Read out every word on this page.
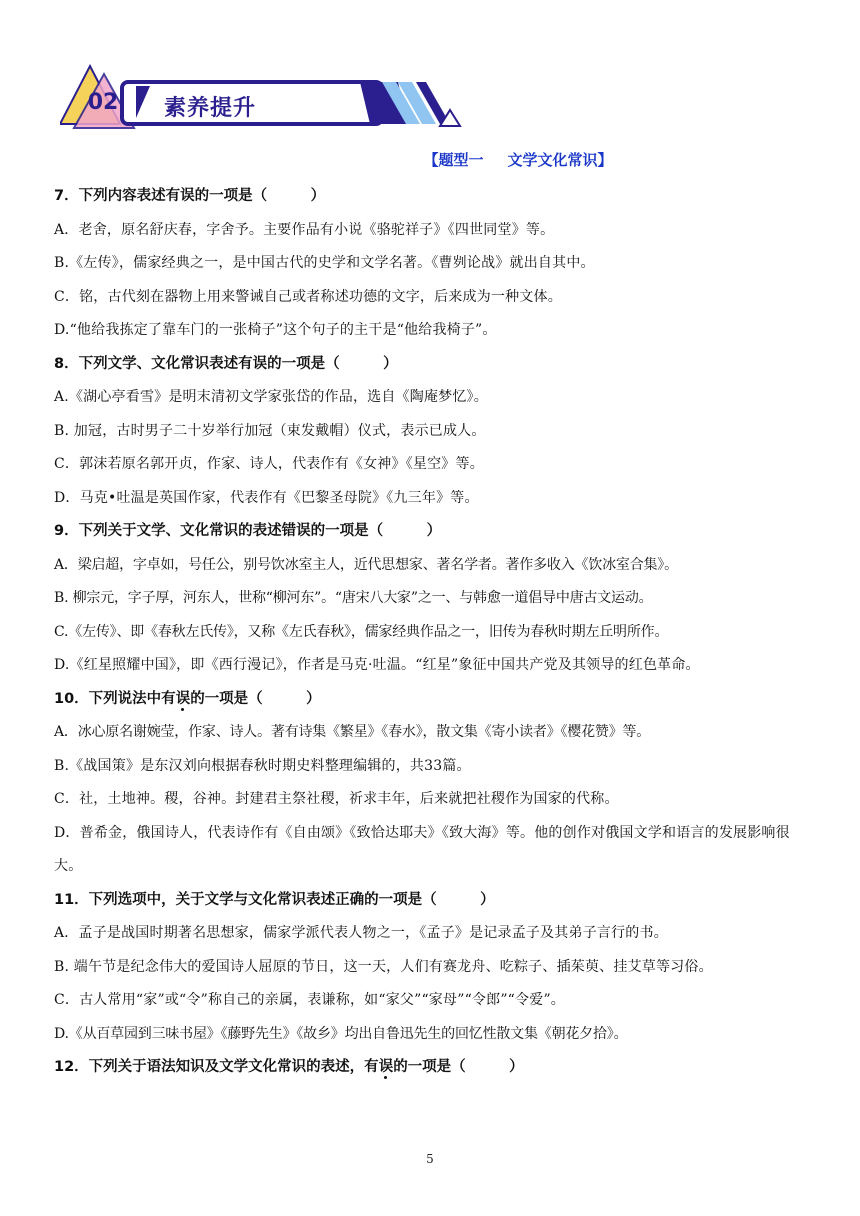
02	素养提升
【题型一 文学文化常识】
7．下列内容表述有误的一项是（　　　）
A．老舍，原名舒庆春，字舍予。主要作品有小说《骆驼祥子》《四世同堂》等。
B.《左传》，儒家经典之一，是中国古代的史学和文学名著。《曹刿论战》就出自其中。
C．铭，古代刻在器物上用来警诫自己或者称述功德的文字，后来成为一种文体。
D.“他给我拣定了靠车门的一张椅子”这个句子的主干是“他给我椅子”。
8．下列文学、文化常识表述有误的一项是（　　　）
A.《湖心亭看雪》是明末清初文学家张岱的作品，选自《陶庵梦忆》。
B. 加冠，古时男子二十岁举行加冠（束发戴帽）仪式，表示已成人。
C．郭沫若原名郭开贞，作家、诗人，代表作有《女神》《星空》等。
D．马克•吐温是英国作家，代表作有《巴黎圣母院》《九三年》等。
9．下列关于文学、文化常识的表述错误的一项是（　　　）
A．梁启超，字卓如，号任公，别号饮冰室主人，近代思想家、著名学者。著作多收入《饮冰室合集》。
B. 柳宗元，字子厚，河东人，世称“柳河东”。“唐宋八大家”之一、与韩愈一道倡导中唐古文运动。
C.《左传》、即《春秋左氏传》，又称《左氏春秋》，儒家经典作品之一，旧传为春秋时期左丘明所作。
D.《红星照耀中国》，即《西行漫记》，作者是马克·吐温。“红星”象征中国共产党及其领导的红色革命。
10．下列说法中有误的一项是（　　　）
A．冰心原名谢婉莹，作家、诗人。著有诗集《繁星》《春水》，散文集《寄小读者》《樱花赞》等。
B.《战国策》是东汉刘向根据春秋时期史料整理编辑的，共33篇。
C．社，土地神。稷，谷神。封建君主祭社稷，祈求丰年，后来就把社稷作为国家的代称。
D．普希金，俄国诗人，代表诗作有《自由颂》《致恰达耶夫》《致大海》等。他的创作对俄国文学和语言的发展影响很大。
11．下列选项中，关于文学与文化常识表述正确的一项是（　　　）
A．孟子是战国时期著名思想家，儒家学派代表人物之一，《孟子》是记录孟子及其弟子言行的书。
B. 端午节是纪念伟大的爱国诗人屈原的节日，这一天，人们有赛龙舟、吃粽子、插茱萸、挂艾草等习俗。
C．古人常用“家”或“令”称自己的亲属，表谦称，如“家父”“家母”“令郎”“令爱”。
D.《从百草园到三味书屋》《藤野先生》《故乡》均出自鲁迅先生的回忆性散文集《朝花夕拾》。
12．下列关于语法知识及文学文化常识的表述，有误的一项是（　　　）
5
